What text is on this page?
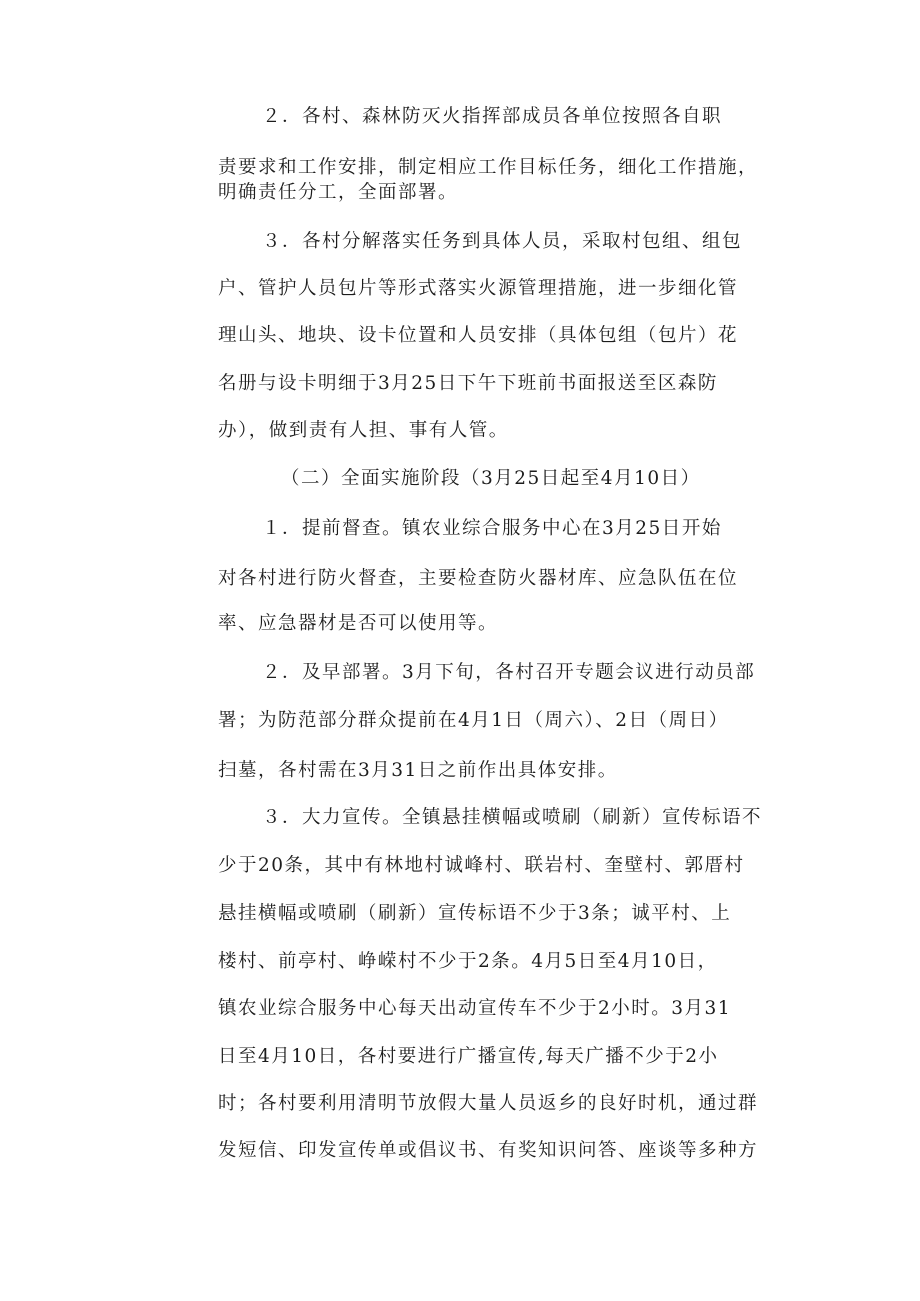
２．各村、森林防灭火指挥部成员各单位按照各自职
责要求和工作安排，制定相应工作目标任务，细化工作措施，
明确责任分工，全面部署。
３．各村分解落实任务到具体人员，采取村包组、组包
户、管护人员包片等形式落实火源管理措施，进一步细化管
理山头、地块、设卡位置和人员安排（具体包组（包片）花
名册与设卡明细于3月25日下午下班前书面报送至区森防
办），做到责有人担、事有人管。
（二）全面实施阶段（3月25日起至4月10日）
１．提前督查。镇农业综合服务中心在3月25日开始
对各村进行防火督查，主要检查防火器材库、应急队伍在位
率、应急器材是否可以使用等。
２．及早部署。3月下旬，各村召开专题会议进行动员部
署；为防范部分群众提前在4月1日（周六）、2日（周日）
扫墓，各村需在3月31日之前作出具体安排。
３．大力宣传。全镇悬挂横幅或喷刷（刷新）宣传标语不
少于20条，其中有林地村诚峰村、联岩村、奎壁村、郭厝村
悬挂横幅或喷刷（刷新）宣传标语不少于3条；诚平村、上
楼村、前亭村、峥嵘村不少于2条。4月5日至4月10日，
镇农业综合服务中心每天出动宣传车不少于2小时。3月31
日至4月10日，各村要进行广播宣传,每天广播不少于2小
时；各村要利用清明节放假大量人员返乡的良好时机，通过群
发短信、印发宣传单或倡议书、有奖知识问答、座谈等多种方
